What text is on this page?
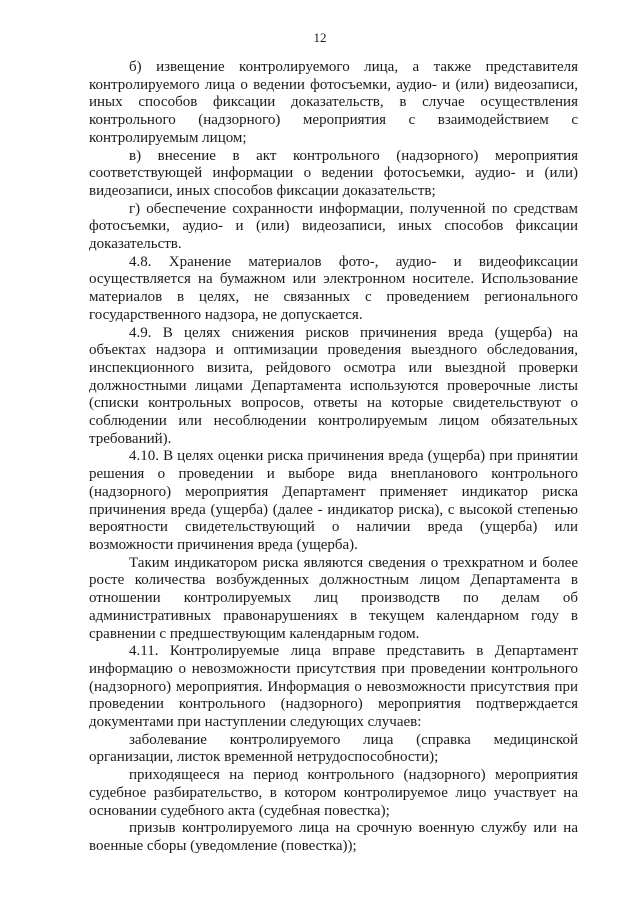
12

б) извещение контролируемого лица, а также представителя контролируемого лица о ведении фотосъемки, аудио- и (или) видеозаписи, иных способов фиксации доказательств, в случае осуществления контрольного (надзорного) мероприятия с взаимодействием с контролируемым лицом;

в) внесение в акт контрольного (надзорного) мероприятия соответствующей информации о ведении фотосъемки, аудио- и (или) видеозаписи, иных способов фиксации доказательств;

г) обеспечение сохранности информации, полученной по средствам фотосъемки, аудио- и (или) видеозаписи, иных способов фиксации доказательств.

4.8. Хранение материалов фото-, аудио- и видеофиксации осуществляется на бумажном или электронном носителе. Использование материалов в целях, не связанных с проведением регионального государственного надзора, не допускается.

4.9. В целях снижения рисков причинения вреда (ущерба) на объектах надзора и оптимизации проведения выездного обследования, инспекционного визита, рейдового осмотра или выездной проверки должностными лицами Департамента используются проверочные листы (списки контрольных вопросов, ответы на которые свидетельствуют о соблюдении или несоблюдении контролируемым лицом обязательных требований).

4.10. В целях оценки риска причинения вреда (ущерба) при принятии решения о проведении и выборе вида внепланового контрольного (надзорного) мероприятия Департамент применяет индикатор риска причинения вреда (ущерба) (далее - индикатор риска), с высокой степенью вероятности свидетельствующий о наличии вреда (ущерба) или возможности причинения вреда (ущерба).

Таким индикатором риска являются сведения о трехкратном и более росте количества возбужденных должностным лицом Департамента в отношении контролируемых лиц производств по делам об административных правонарушениях в текущем календарном году в сравнении с предшествующим календарным годом.

4.11. Контролируемые лица вправе представить в Департамент информацию о невозможности присутствия при проведении контрольного (надзорного) мероприятия. Информация о невозможности присутствия при проведении контрольного (надзорного) мероприятия подтверждается документами при наступлении следующих случаев:

заболевание контролируемого лица (справка медицинской организации, листок временной нетрудоспособности);

приходящееся на период контрольного (надзорного) мероприятия судебное разбирательство, в котором контролируемое лицо участвует на основании судебного акта (судебная повестка);

призыв контролируемого лица на срочную военную службу или на военные сборы (уведомление (повестка));
